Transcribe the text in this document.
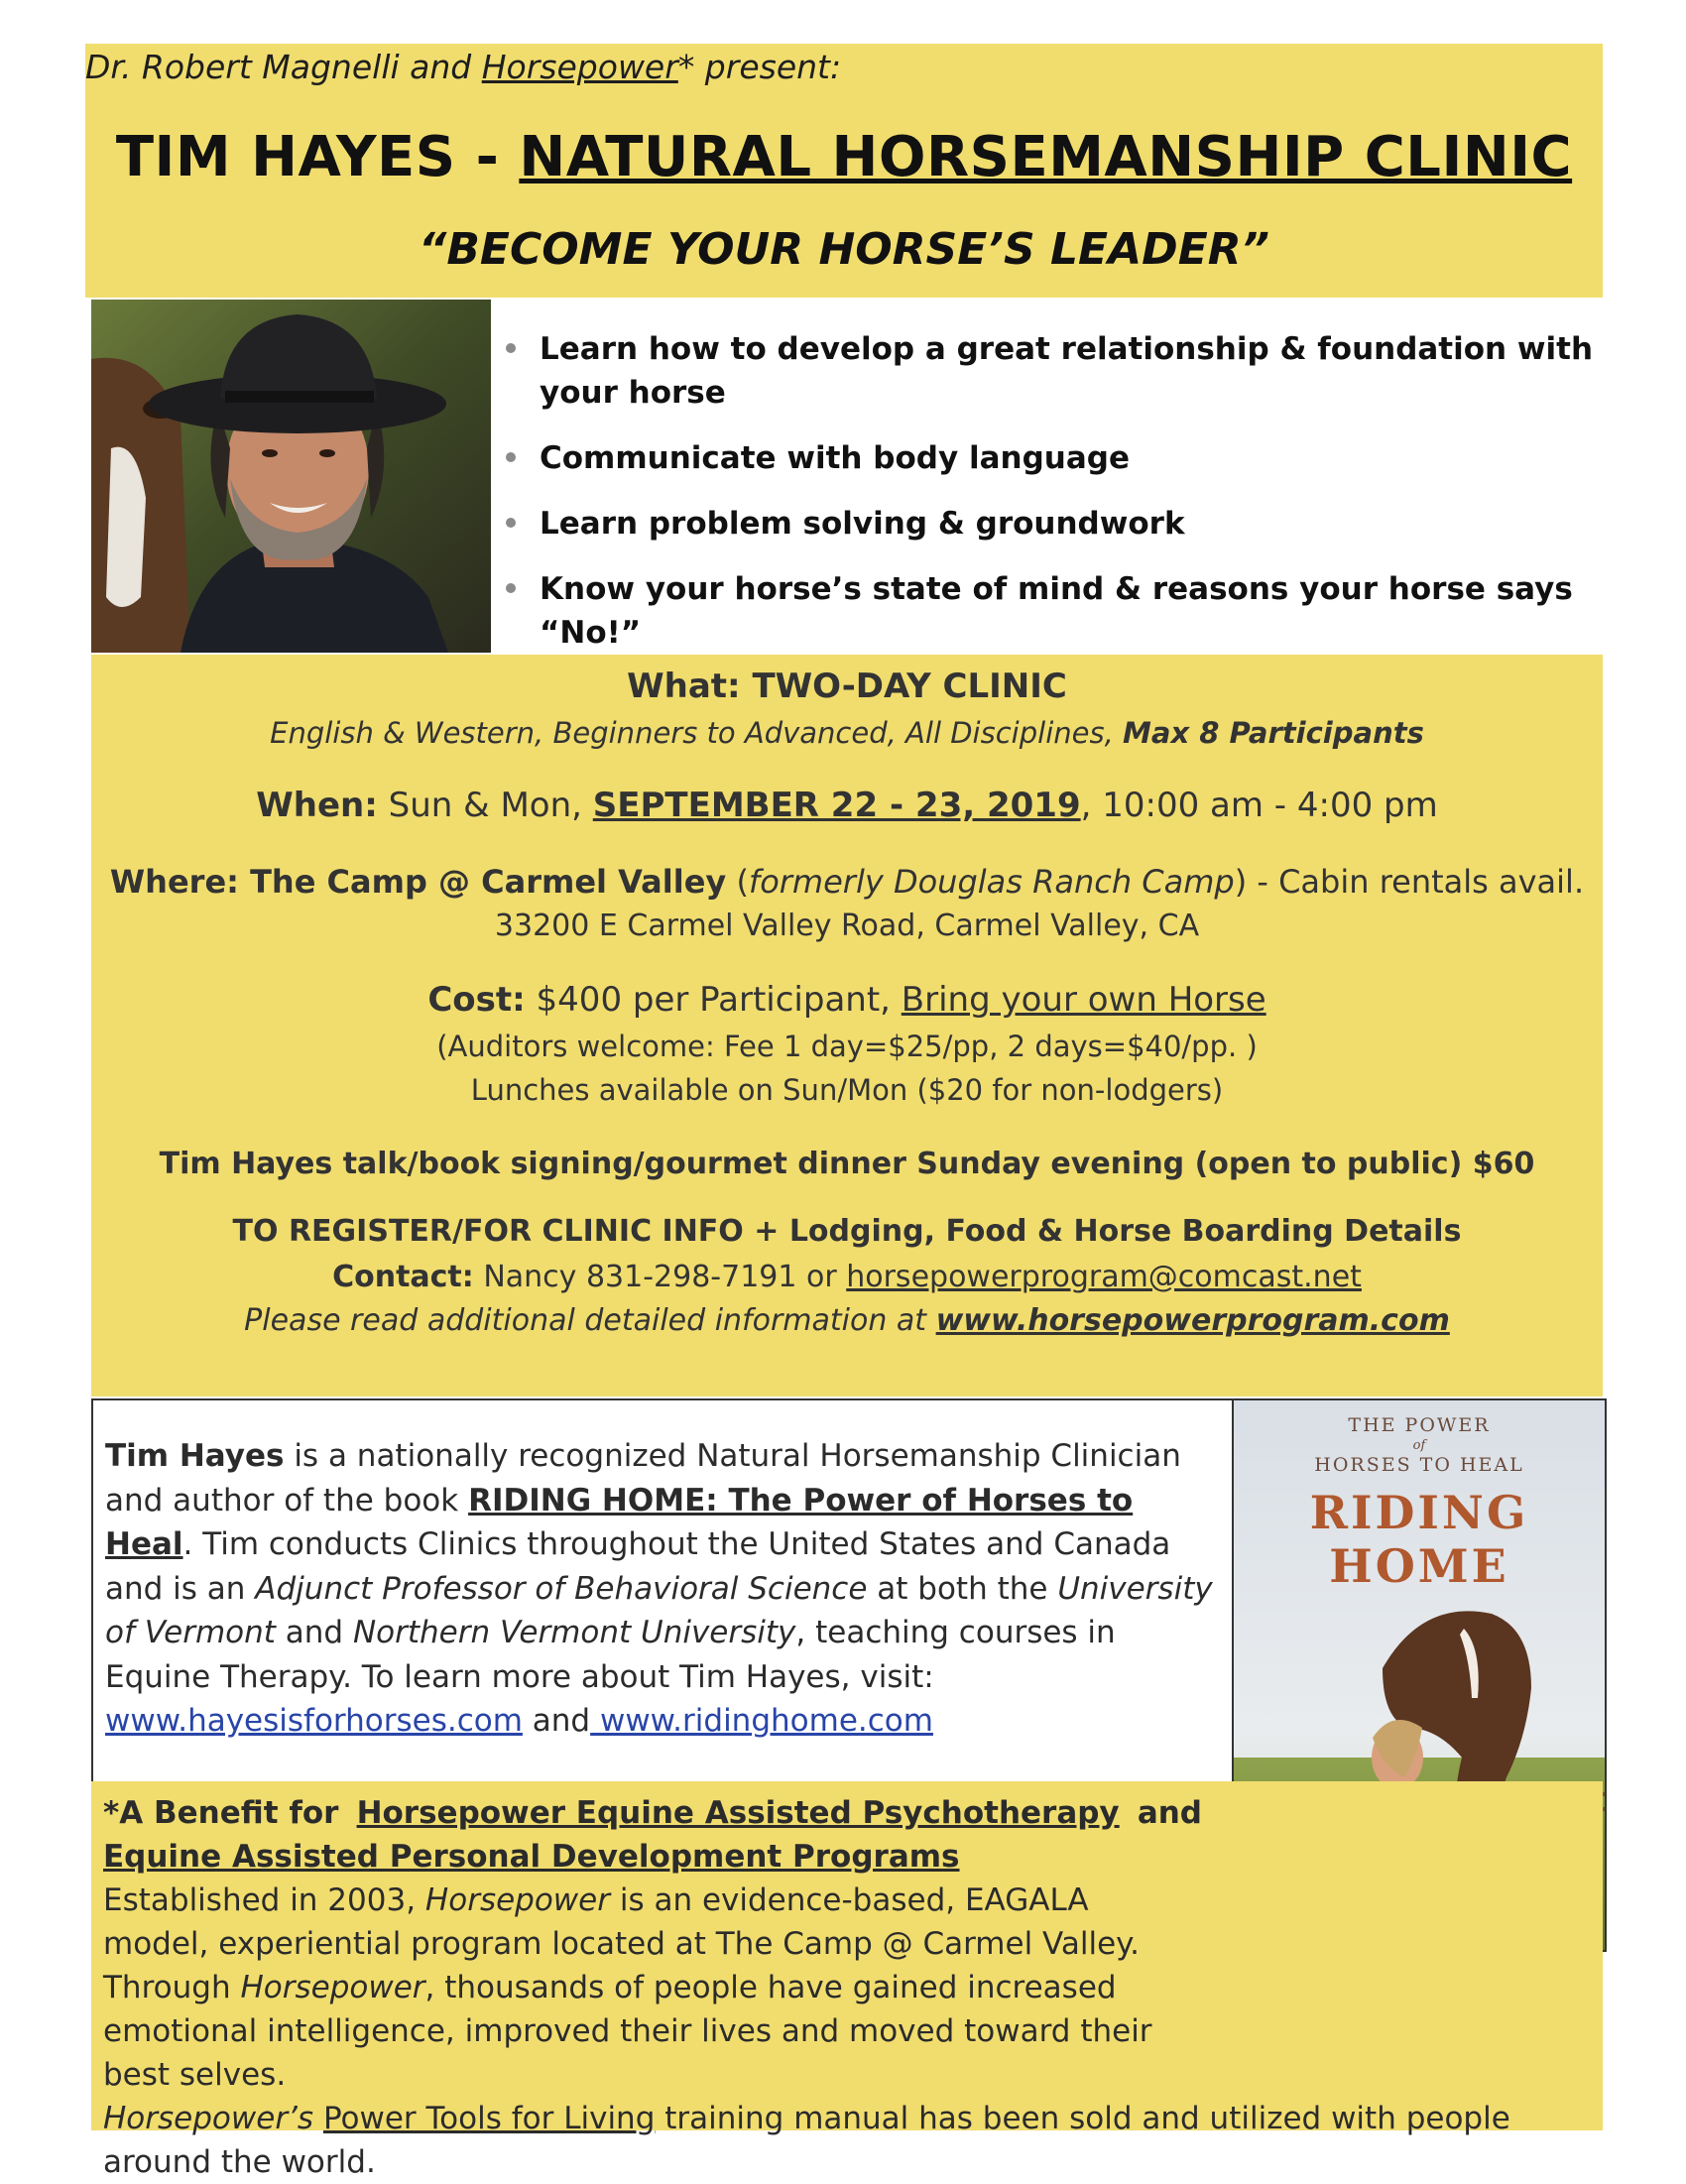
Dr. Robert Magnelli and Horsepower* present:
TIM HAYES - NATURAL HORSEMANSHIP CLINIC
“BECOME YOUR HORSE’S LEADER”
Learn how to develop a great relationship & foundation with your horse
Communicate with body language
Learn problem solving & groundwork
Know your horse’s state of mind & reasons your horse says “No!”
What: TWO-DAY CLINIC
English & Western, Beginners to Advanced, All Disciplines, Max 8 Participants
When: Sun & Mon, SEPTEMBER 22 - 23, 2019, 10:00 am - 4:00 pm
Where: The Camp @ Carmel Valley (formerly Douglas Ranch Camp) - Cabin rentals avail.
33200 E Carmel Valley Road, Carmel Valley, CA
Cost: $400 per Participant, Bring your own Horse
(Auditors welcome: Fee 1 day=$25/pp, 2 days=$40/pp. )
Lunches available on Sun/Mon ($20 for non-lodgers)
Tim Hayes talk/book signing/gourmet dinner Sunday evening (open to public) $60
TO REGISTER/FOR CLINIC INFO + Lodging, Food & Horse Boarding Details
Contact: Nancy 831-298-7191 or horsepowerprogram@comcast.net
Please read additional detailed information at www.horsepowerprogram.com
Tim Hayes is a nationally recognized Natural Horsemanship Clinician and author of the book RIDING HOME: The Power of Horses to Heal. Tim conducts Clinics throughout the United States and Canada and is an Adjunct Professor of Behavioral Science at both the University of Vermont and Northern Vermont University, teaching courses in Equine Therapy. To learn more about Tim Hayes, visit:
www.hayesisforhorses.com and www.ridinghome.com
THE POWER
of
HORSES TO HEAL
RIDING HOME
*A Benefit for Horsepower Equine Assisted Psychotherapy and
Equine Assisted Personal Development Programs
Established in 2003, Horsepower is an evidence-based, EAGALA model, experiential program located at The Camp @ Carmel Valley. Through Horsepower, thousands of people have gained increased emotional intelligence, improved their lives and moved toward their best selves.
Horsepower’s Power Tools for Living training manual has been sold and utilized with people around the world.
